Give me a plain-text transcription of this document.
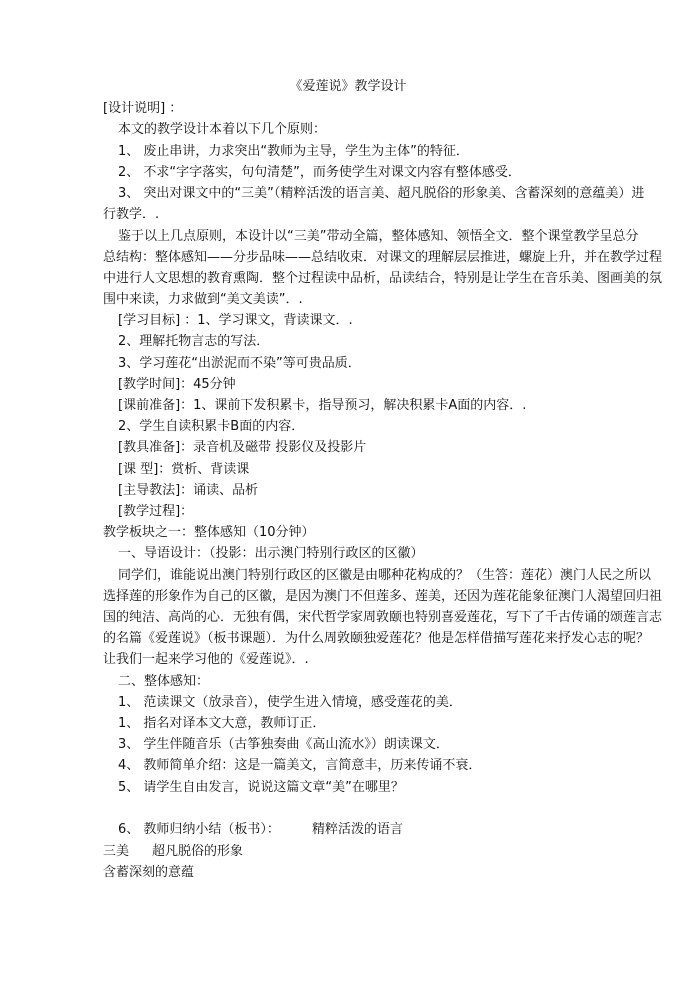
《爱莲说》教学设计
[设计说明] ：
本文的教学设计本着以下几个原则：
1、 废止串讲，力求突出“教师为主导，学生为主体”的特征．
2、 不求“字字落实，句句清楚”，而务使学生对课文内容有整体感受．
3、 突出对课文中的“三美”（精粹活泼的语言美、超凡脱俗的形象美、含蓄深刻的意蕴美）进
行教学．.
鉴于以上几点原则，本设计以“三美”带动全篇，整体感知、领悟全文．整个课堂教学呈总分
总结构：整体感知——分步品味——总结收束．对课文的理解层层推进，螺旋上升，并在教学过程
中进行人文思想的教育熏陶．整个过程读中品析，品读结合，特别是让学生在音乐美、图画美的氛
围中来读，力求做到“美文美读”．.
[学习目标] ：1、学习课文，背读课文．.
2、理解托物言志的写法．
3、学习莲花“出淤泥而不染”等可贵品质．
[教学时间]：45分钟
[课前准备]：1、课前下发积累卡，指导预习，解决积累卡A面的内容．.
2、学生自读积累卡B面的内容．
[教具准备]：录音机及磁带 投影仪及投影片
[课 型]：赏析、背读课
[主导教法]：诵读、品析
[教学过程]：
教学板块之一：整体感知（10分钟）
一、导语设计：（投影：出示澳门特别行政区的区徽）
同学们，谁能说出澳门特别行政区的区徽是由哪种花构成的？（生答：莲花）澳门人民之所以
选择莲的形象作为自己的区徽，是因为澳门不但莲多、莲美，还因为莲花能象征澳门人渴望回归祖
国的纯洁、高尚的心．无独有偶，宋代哲学家周敦颐也特别喜爱莲花，写下了千古传诵的颂莲言志
的名篇《爱莲说》（板书课题）．为什么周敦颐独爱莲花？他是怎样借描写莲花来抒发心志的呢？
让我们一起来学习他的《爱莲说》．.
二、整体感知：
1、 范读课文（放录音），使学生进入情境，感受莲花的美．
1、 指名对译本文大意，教师订正．
3、 学生伴随音乐（古筝独奏曲《高山流水》）朗读课文．
4、 教师简单介绍：这是一篇美文，言简意丰，历来传诵不衰．
5、 请学生自由发言，说说这篇文章“美”在哪里？
6、 教师归纳小结（板书）： 精粹活泼的语言
三美 超凡脱俗的形象
含蓄深刻的意蕴
